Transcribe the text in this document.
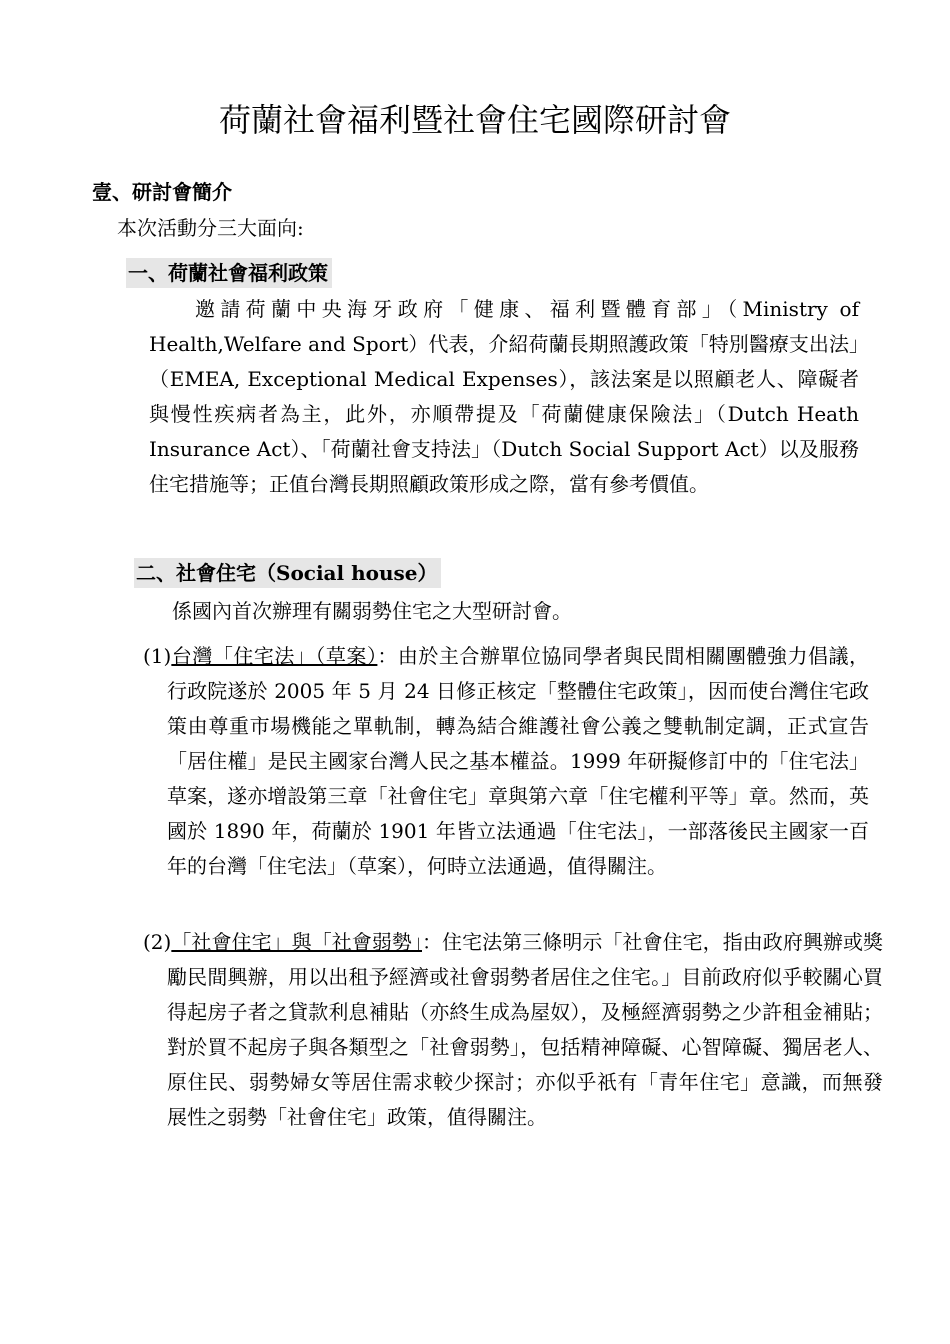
荷蘭社會福利暨社會住宅國際研討會
壹、研討會簡介

本次活動分三大面向:

一、荷蘭社會福利政策

邀請荷蘭中央海牙政府「健康、福利暨體育部」（Ministry of Health,Welfare and Sport）代表，介紹荷蘭長期照護政策「特別醫療支出法」（EMEA, Exceptional Medical Expenses），該法案是以照顧老人、障礙者與慢性疾病者為主，此外，亦順帶提及「荷蘭健康保險法」（Dutch Heath Insurance Act）、「荷蘭社會支持法」（Dutch Social Support Act）以及服務住宅措施等；正值台灣長期照顧政策形成之際，當有參考價值。

二、社會住宅（Social house）

係國內首次辦理有關弱勢住宅之大型研討會。

(1)台灣「住宅法」（草案）：由於主合辦單位協同學者與民間相關團體強力倡議，行政院遂於 2005 年 5 月 24 日修正核定「整體住宅政策」，因而使台灣住宅政策由尊重市場機能之單軌制，轉為結合維護社會公義之雙軌制定調，正式宣告「居住權」是民主國家台灣人民之基本權益。1999 年研擬修訂中的「住宅法」草案，遂亦增設第三章「社會住宅」章與第六章「住宅權利平等」章。然而，英國於 1890 年，荷蘭於 1901 年皆立法通過「住宅法」，一部落後民主國家一百年的台灣「住宅法」（草案），何時立法通過，值得關注。

(2)「社會住宅」與「社會弱勢」：住宅法第三條明示「社會住宅，指由政府興辦或獎勵民間興辦，用以出租予經濟或社會弱勢者居住之住宅。」目前政府似乎較關心買得起房子者之貸款利息補貼（亦終生成為屋奴），及極經濟弱勢之少許租金補貼；對於買不起房子與各類型之「社會弱勢」，包括精神障礙、心智障礙、獨居老人、原住民、弱勢婦女等居住需求較少探討；亦似乎祇有「青年住宅」意識，而無發展性之弱勢「社會住宅」政策，值得關注。
